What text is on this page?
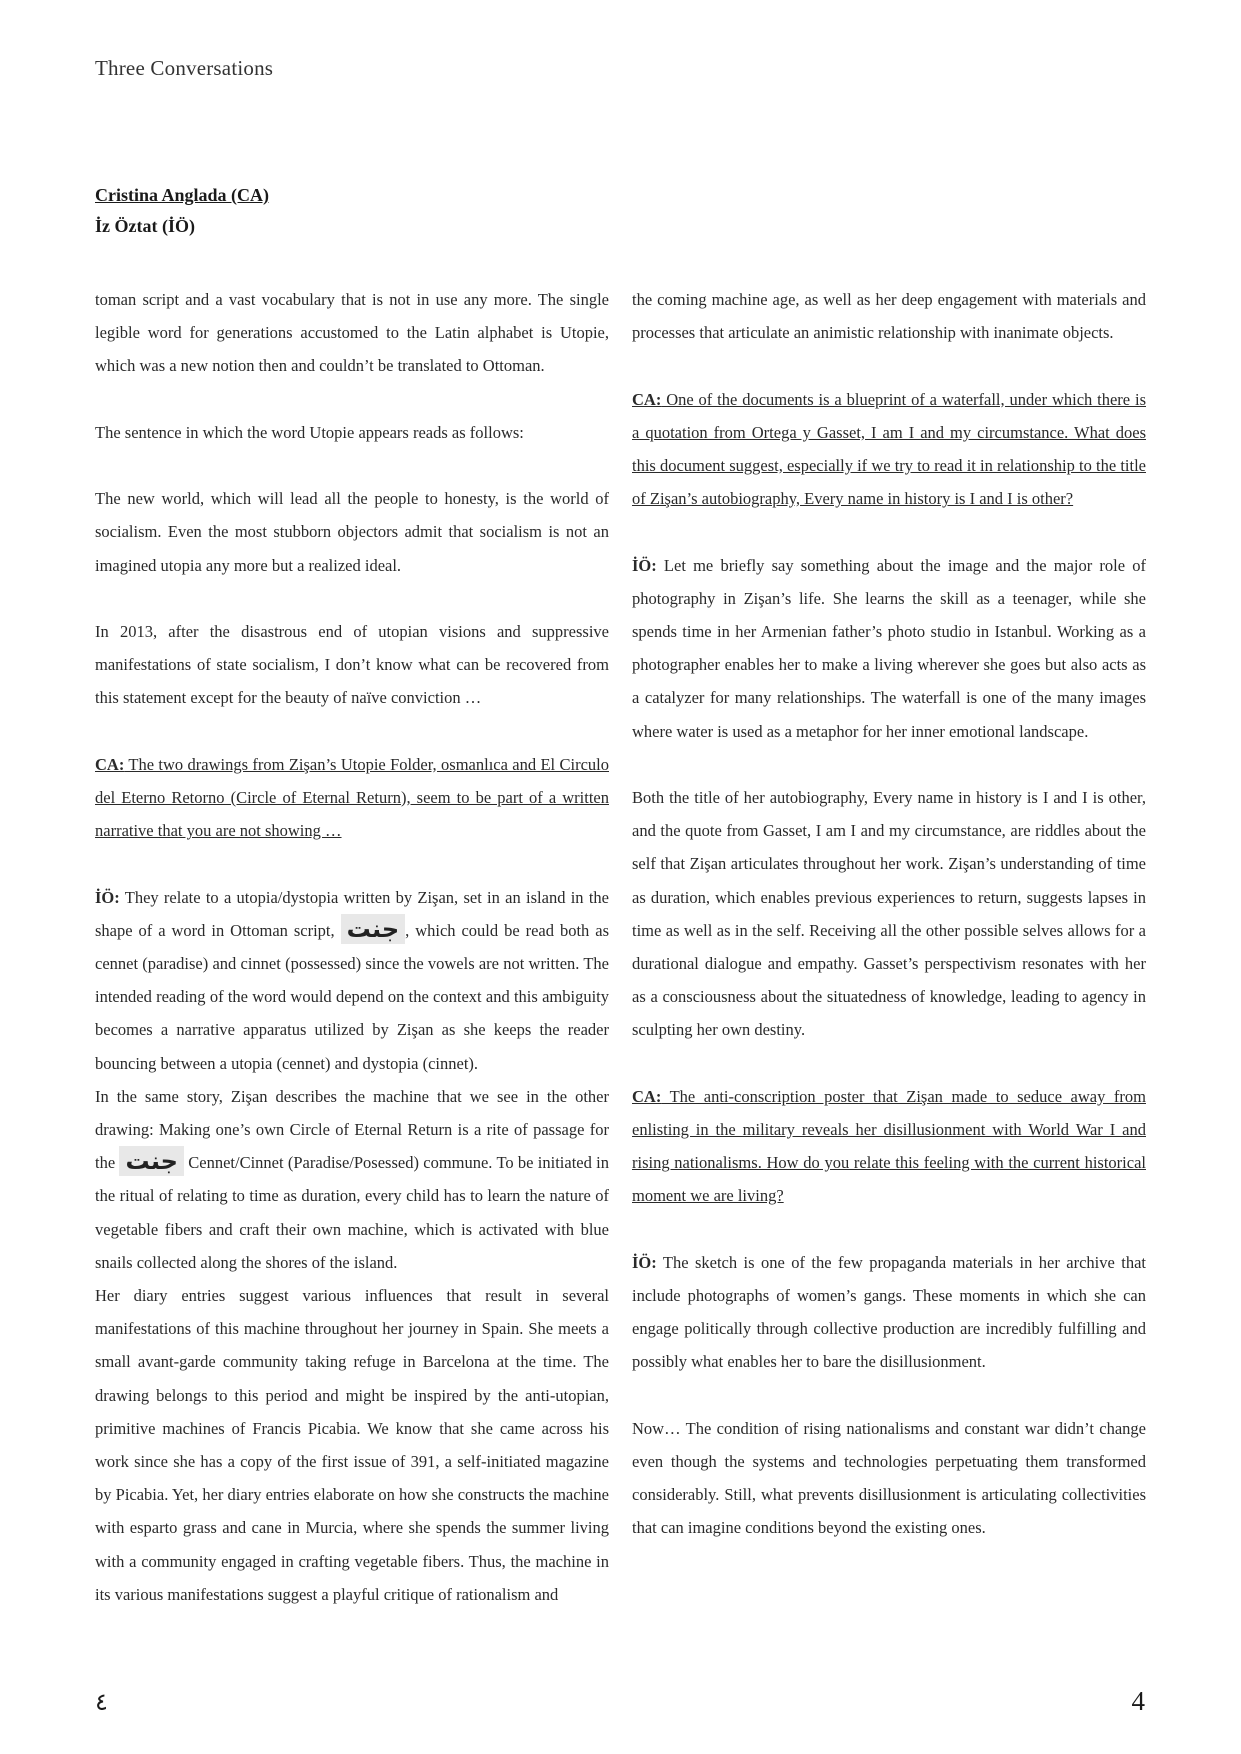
Three Conversations
Cristina Anglada (CA)
İz Öztat (İÖ)

toman script and a vast vocabulary that is not in use any more. The single legible word for generations accustomed to the Latin alphabet is Utopie, which was a new notion then and couldn’t be translated to Ottoman.

The sentence in which the word Utopie appears reads as follows:

The new world, which will lead all the people to honesty, is the world of socialism. Even the most stubborn objectors admit that socialism is not an imagined utopia any more but a realized ideal.

In 2013, after the disastrous end of utopian visions and suppressive manifestations of state socialism, I don’t know what can be recovered from this statement except for the beauty of naïve conviction …

CA: The two drawings from Zişan’s Utopie Folder, osmanlıca and El Circulo del Eterno Retorno (Circle of Eternal Return), seem to be part of a written narrative that you are not showing …

İÖ: They relate to a utopia/dystopia written by Zişan, set in an island in the shape of a word in Ottoman script, جنت , which could be read both as cennet (paradise) and cinnet (possessed) since the vowels are not written. The intended reading of the word would depend on the context and this ambiguity becomes a narrative apparatus utilized by Zişan as she keeps the reader bouncing between a utopia (cennet) and dystopia (cinnet).

In the same story, Zişan describes the machine that we see in the other drawing: Making one’s own Circle of Eternal Return is a rite of passage for the جنت Cennet/Cinnet (Paradise/Posessed) commune. To be initiated in the ritual of relating to time as duration, every child has to learn the nature of vegetable fibers and craft their own machine, which is activated with blue snails collected along the shores of the island.

Her diary entries suggest various influences that result in several manifestations of this machine throughout her journey in Spain. She meets a small avant-garde community taking refuge in Barcelona at the time. The drawing belongs to this period and might be inspired by the anti-utopian, primitive machines of Francis Picabia. We know that she came across his work since she has a copy of the first issue of 391, a self-initiated magazine by Picabia. Yet, her diary entries elaborate on how she constructs the machine with esparto grass and cane in Murcia, where she spends the summer living with a community engaged in crafting vegetable fibers. Thus, the machine in its various manifestations suggest a playful critique of rationalism and

the coming machine age, as well as her deep engagement with materials and processes that articulate an animistic relationship with inanimate objects.

CA: One of the documents is a blueprint of a waterfall, under which there is a quotation from Ortega y Gasset, I am I and my circumstance. What does this document suggest, especially if we try to read it in relationship to the title of Zişan’s autobiography, Every name in history is I and I is other?

İÖ: Let me briefly say something about the image and the major role of photography in Zişan’s life. She learns the skill as a teenager, while she spends time in her Armenian father’s photo studio in Istanbul. Working as a photographer enables her to make a living wherever she goes but also acts as a catalyzer for many relationships. The waterfall is one of the many images where water is used as a metaphor for her inner emotional landscape.

Both the title of her autobiography, Every name in history is I and I is other, and the quote from Gasset, I am I and my circumstance, are riddles about the self that Zişan articulates throughout her work. Zişan’s understanding of time as duration, which enables previous experiences to return, suggests lapses in time as well as in the self. Receiving all the other possible selves allows for a durational dialogue and empathy. Gasset’s perspectivism resonates with her as a consciousness about the situatedness of knowledge, leading to agency in sculpting her own destiny.

CA: The anti-conscription poster that Zişan made to seduce away from enlisting in the military reveals her disillusionment with World War I and rising nationalisms. How do you relate this feeling with the current historical moment we are living?

İÖ: The sketch is one of the few propaganda materials in her archive that include photographs of women’s gangs. These moments in which she can engage politically through collective production are incredibly fulfilling and possibly what enables her to bare the disillusionment.

Now… The condition of rising nationalisms and constant war didn’t change even though the systems and technologies perpetuating them transformed considerably. Still, what prevents disillusionment is articulating collectivities that can imagine conditions beyond the existing ones.

٤	4
